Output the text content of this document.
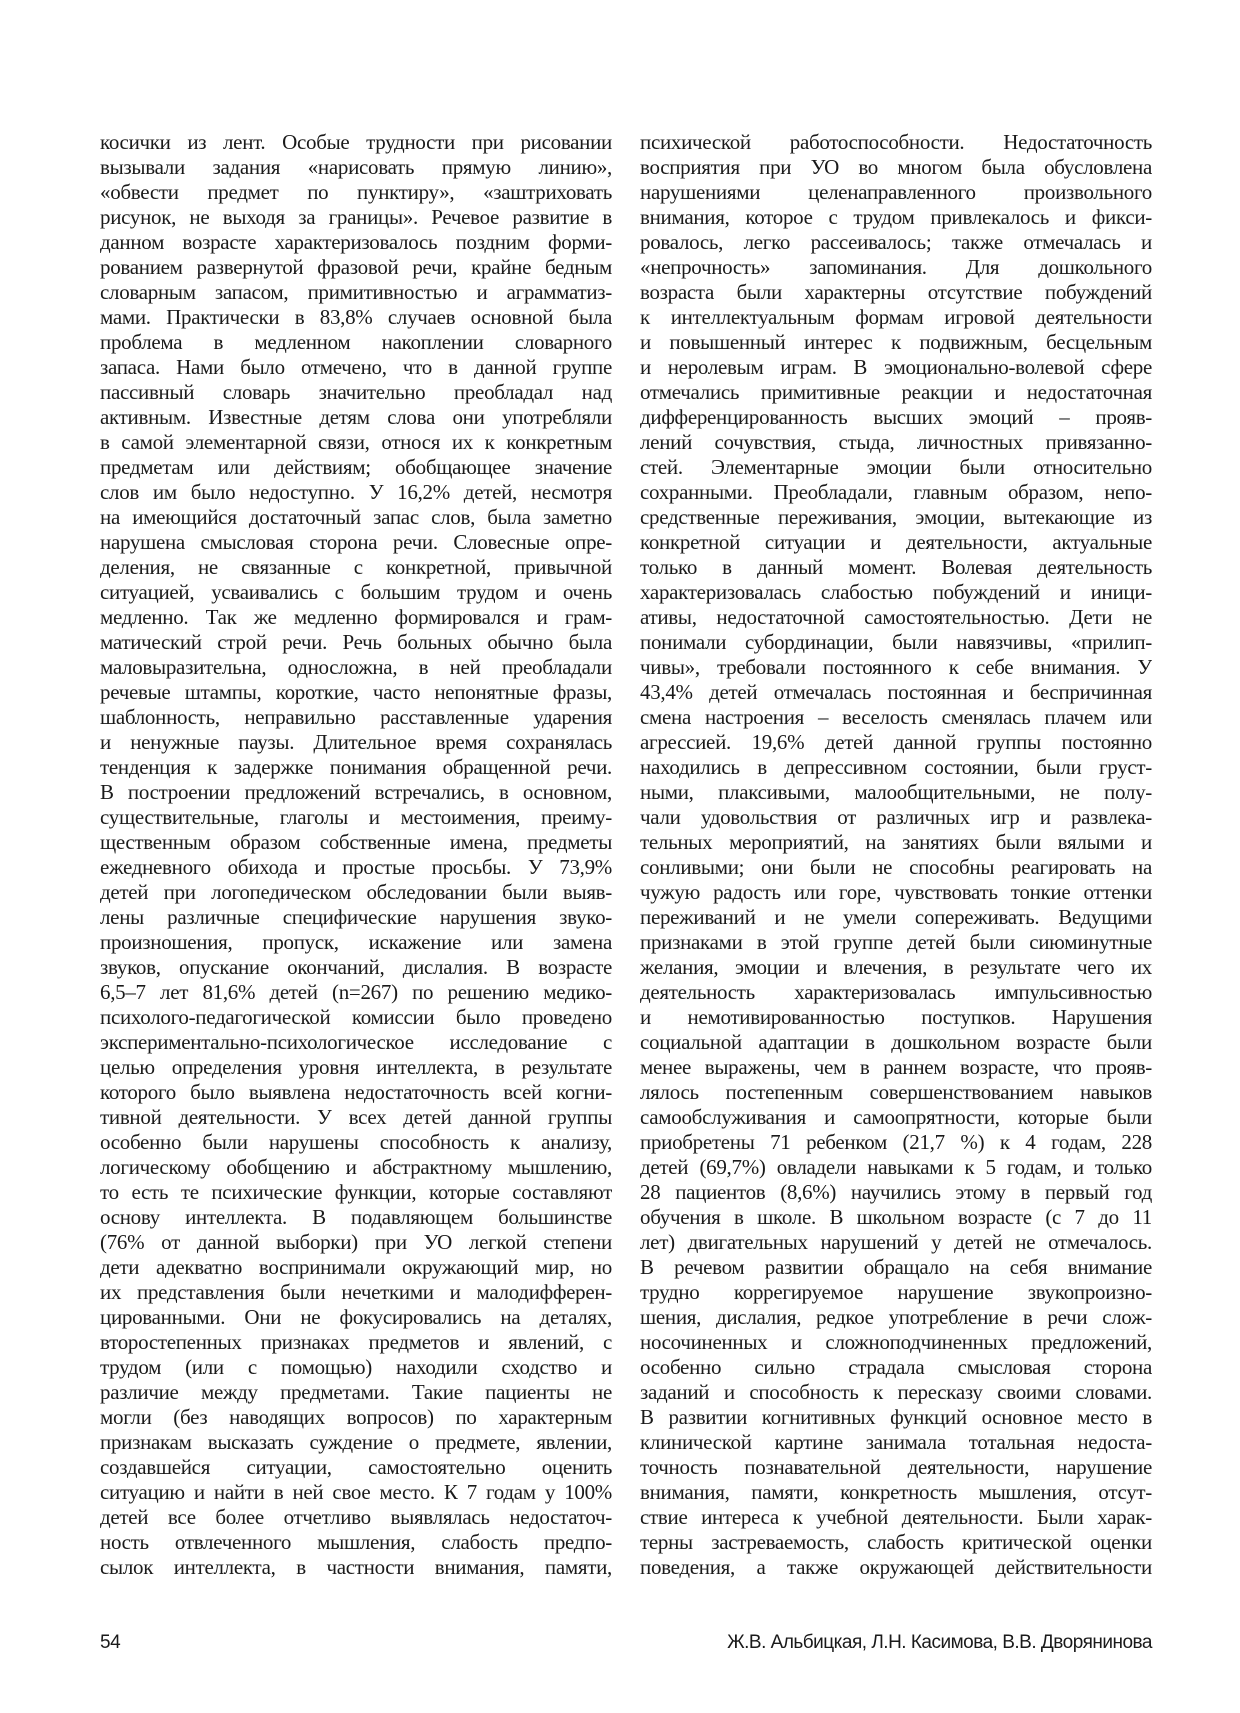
косички из лент. Особые трудности при рисовании
вызывали задания «нарисовать прямую линию»,
«обвести предмет по пунктиру», «заштриховать
рисунок, не выходя за границы». Речевое развитие в
данном возрасте характеризовалось поздним форми-
рованием развернутой фразовой речи, крайне бедным
словарным запасом, примитивностью и аграмматиз-
мами. Практически в 83,8% случаев основной была
проблема в медленном накоплении словарного
запаса. Нами было отмечено, что в данной группе
пассивный словарь значительно преобладал над
активным. Известные детям слова они употребляли
в самой элементарной связи, относя их к конкретным
предметам или действиям; обобщающее значение
слов им было недоступно. У 16,2% детей, несмотря
на имеющийся достаточный запас слов, была заметно
нарушена смысловая сторона речи. Словесные опре-
деления, не связанные с конкретной, привычной
ситуацией, усваивались с большим трудом и очень
медленно. Так же медленно формировался и грам-
матический строй речи. Речь больных обычно была
маловыразительна, односложна, в ней преобладали
речевые штампы, короткие, часто непонятные фразы,
шаблонность, неправильно расставленные ударения
и ненужные паузы. Длительное время сохранялась
тенденция к задержке понимания обращенной речи.
В построении предложений встречались, в основном,
существительные, глаголы и местоимения, преиму-
щественным образом собственные имена, предметы
ежедневного обихода и простые просьбы. У 73,9%
детей при логопедическом обследовании были выяв-
лены различные специфические нарушения звуко-
произношения, пропуск, искажение или замена
звуков, опускание окончаний, дислалия. В возрасте
6,5–7 лет 81,6% детей (n=267) по решению медико-
психолого-педагогической комиссии было проведено
экспериментально-психологическое исследование с
целью определения уровня интеллекта, в результате
которого было выявлена недостаточность всей когни-
тивной деятельности. У всех детей данной группы
особенно были нарушены способность к анализу,
логическому обобщению и абстрактному мышлению,
то есть те психические функции, которые составляют
основу интеллекта. В подавляющем большинстве
(76% от данной выборки) при УО легкой степени
дети адекватно воспринимали окружающий мир, но
их представления были нечеткими и малодифферен-
цированными. Они не фокусировались на деталях,
второстепенных признаках предметов и явлений, с
трудом (или с помощью) находили сходство и
различие между предметами. Такие пациенты не
могли (без наводящих вопросов) по характерным
признакам высказать суждение о предмете, явлении,
создавшейся ситуации, самостоятельно оценить
ситуацию и найти в ней свое место. К 7 годам у 100%
детей все более отчетливо выявлялась недостаточ-
ность отвлеченного мышления, слабость предпо-
сылок интеллекта, в частности внимания, памяти,
психической работоспособности. Недостаточность
восприятия при УО во многом была обусловлена
нарушениями целенаправленного произвольного
внимания, которое с трудом привлекалось и фикси-
ровалось, легко рассеивалось; также отмечалась и
«непрочность» запоминания. Для дошкольного
возраста были характерны отсутствие побуждений
к интеллектуальным формам игровой деятельности
и повышенный интерес к подвижным, бесцельным
и неролевым играм. В эмоционально-волевой сфере
отмечались примитивные реакции и недостаточная
дифференцированность высших эмоций – прояв-
лений сочувствия, стыда, личностных привязанно-
стей. Элементарные эмоции были относительно
сохранными. Преобладали, главным образом, непо-
средственные переживания, эмоции, вытекающие из
конкретной ситуации и деятельности, актуальные
только в данный момент. Волевая деятельность
характеризовалась слабостью побуждений и иници-
ативы, недостаточной самостоятельностью. Дети не
понимали субординации, были навязчивы, «прилип-
чивы», требовали постоянного к себе внимания. У
43,4% детей отмечалась постоянная и беспричинная
смена настроения – веселость сменялась плачем или
агрессией. 19,6% детей данной группы постоянно
находились в депрессивном состоянии, были груст-
ными, плаксивыми, малообщительными, не полу-
чали удовольствия от различных игр и развлека-
тельных мероприятий, на занятиях были вялыми и
сонливыми; они были не способны реагировать на
чужую радость или горе, чувствовать тонкие оттенки
переживаний и не умели сопереживать. Ведущими
признаками в этой группе детей были сиюминутные
желания, эмоции и влечения, в результате чего их
деятельность характеризовалась импульсивностью
и немотивированностью поступков. Нарушения
социальной адаптации в дошкольном возрасте были
менее выражены, чем в раннем возрасте, что прояв-
лялось постепенным совершенствованием навыков
самообслуживания и самоопрятности, которые были
приобретены 71 ребенком (21,7 %) к 4 годам, 228
детей (69,7%) овладели навыками к 5 годам, и только
28 пациентов (8,6%) научились этому в первый год
обучения в школе. В школьном возрасте (с 7 до 11
лет) двигательных нарушений у детей не отмечалось.
В речевом развитии обращало на себя внимание
трудно коррегируемое нарушение звукопроизно-
шения, дислалия, редкое употребление в речи слож-
носочиненных и сложноподчиненных предложений,
особенно сильно страдала смысловая сторона
заданий и способность к пересказу своими словами.
В развитии когнитивных функций основное место в
клинической картине занимала тотальная недоста-
точность познавательной деятельности, нарушение
внимания, памяти, конкретность мышления, отсут-
ствие интереса к учебной деятельности. Были харак-
терны застреваемость, слабость критической оценки
поведения, а также окружающей действительности
54	Ж.В. Альбицкая, Л.Н. Касимова, В.В. Дворянинова
